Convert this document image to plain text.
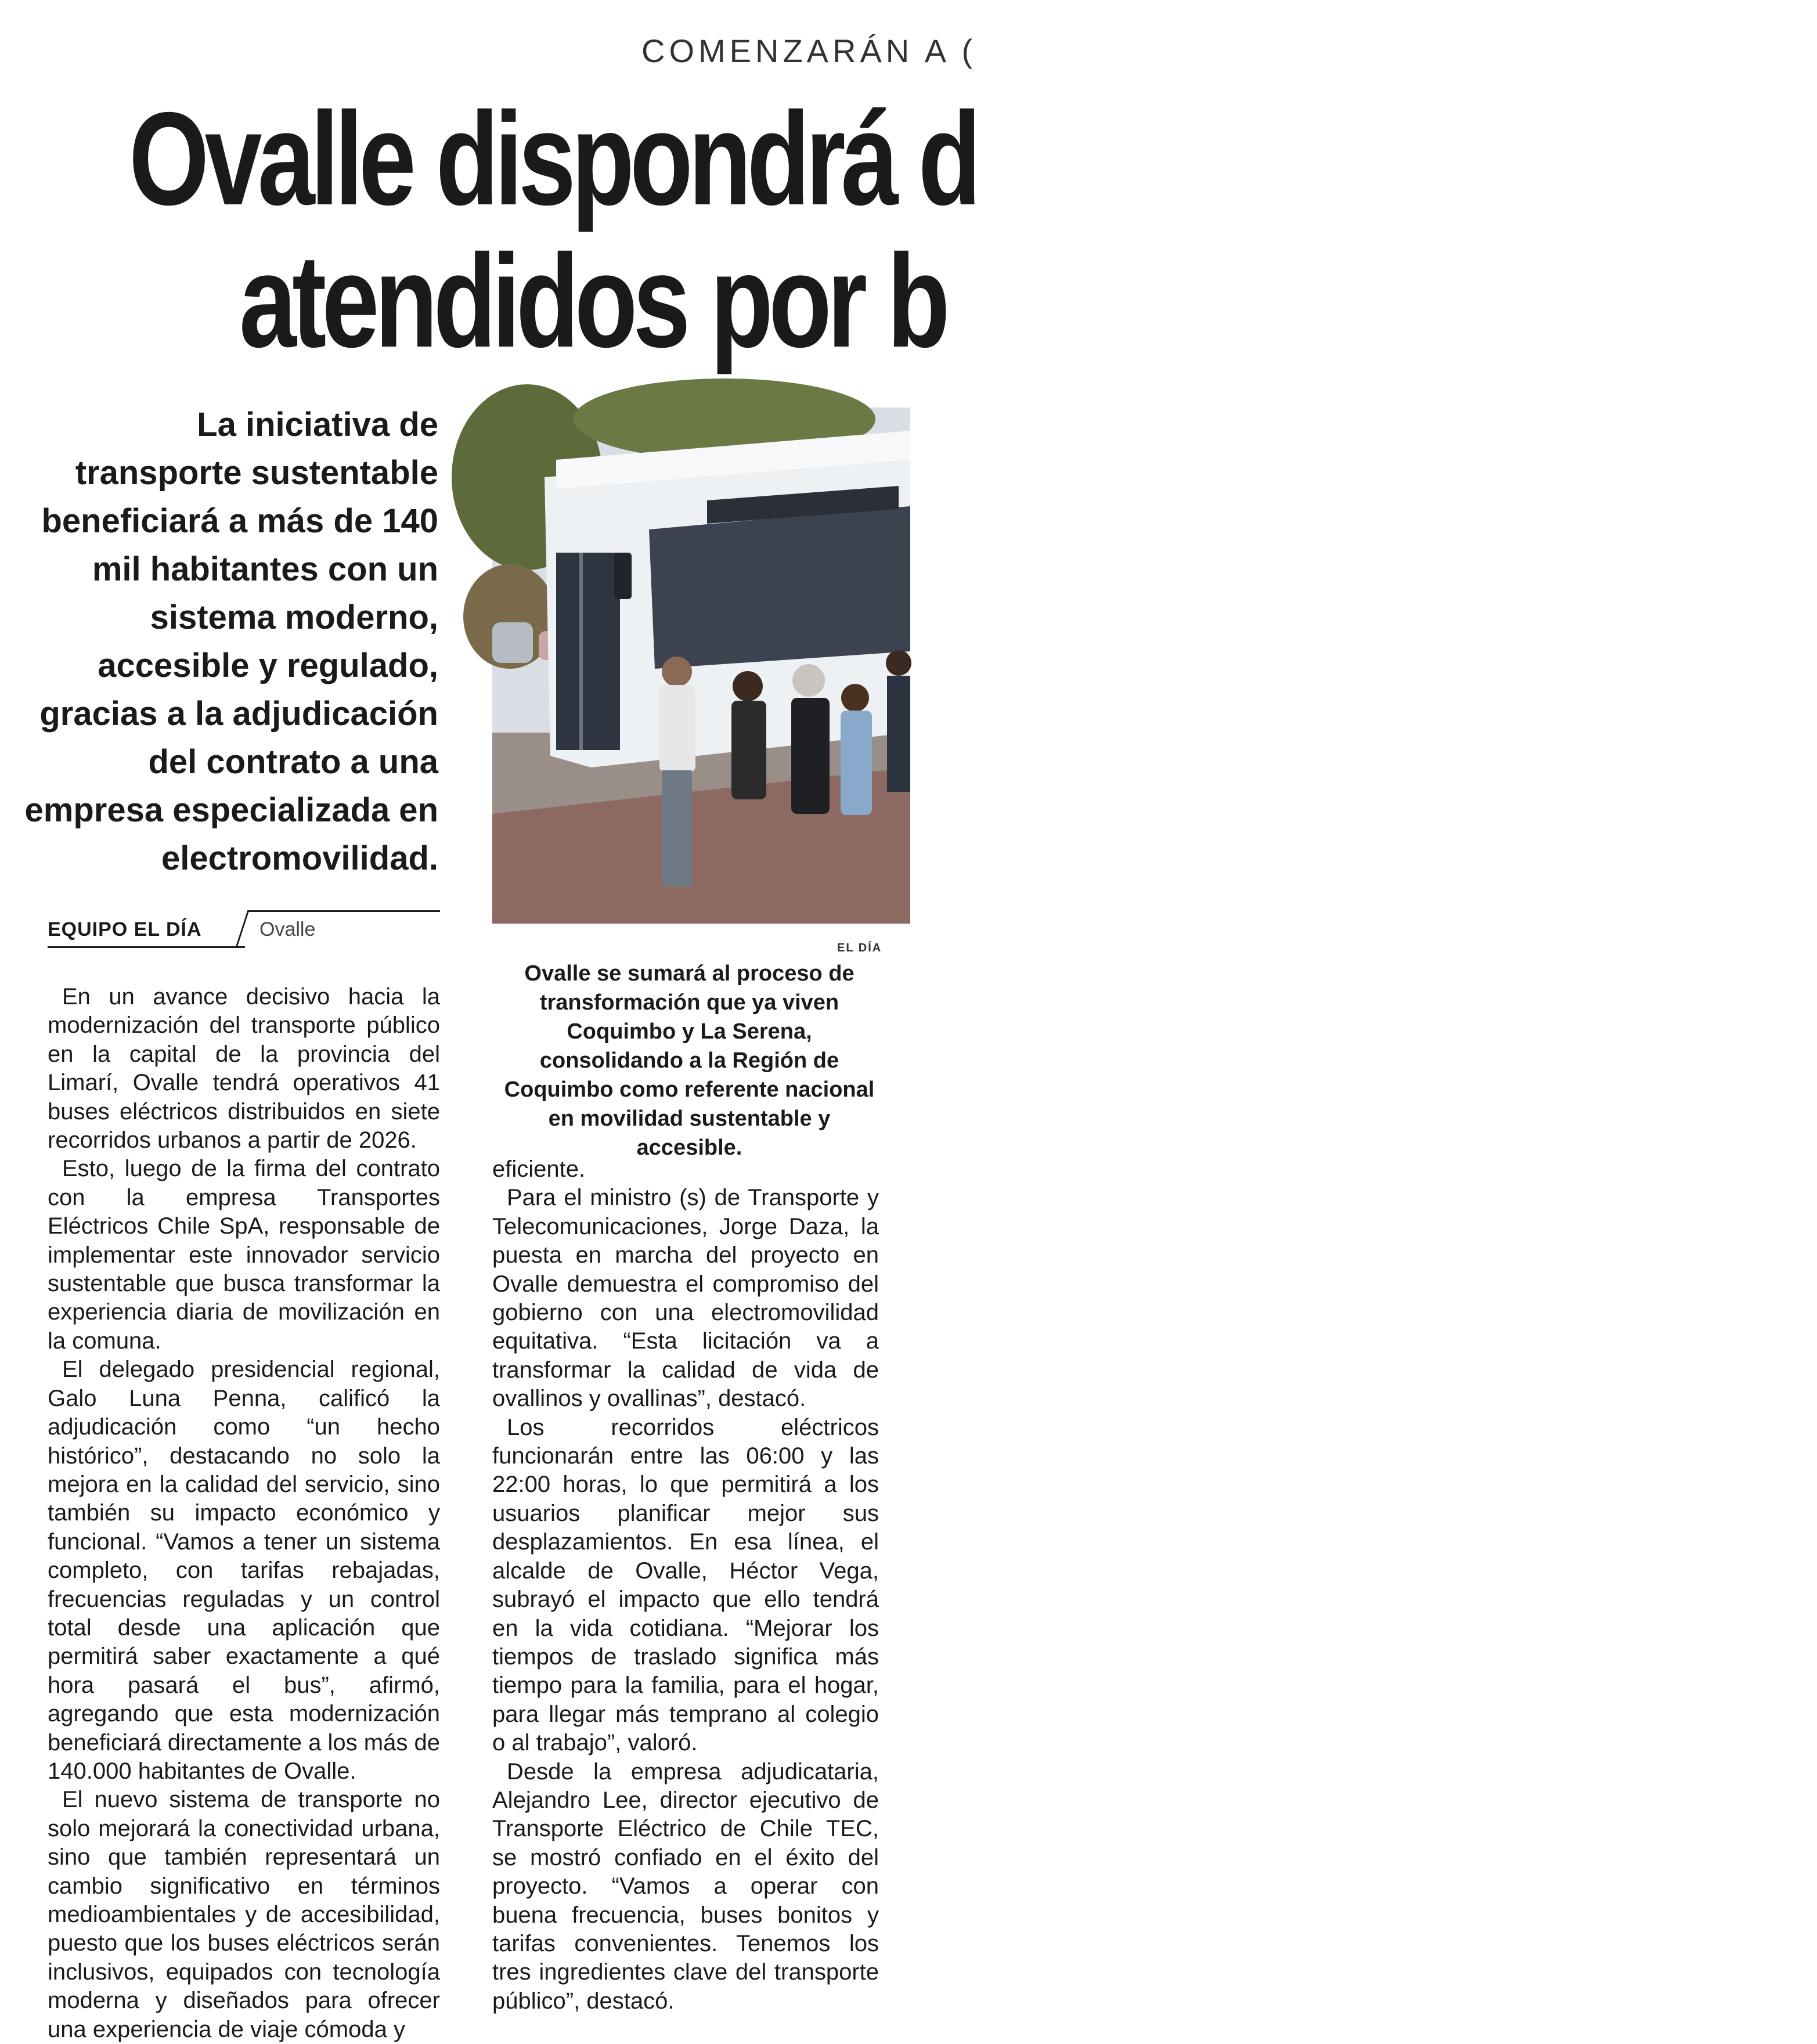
COMENZARÁN A (
Ovalle dispondrá d
atendidos por b
La iniciativa de transporte sustentable beneficiará a más de 140 mil habitantes con un sistema moderno, accesible y regulado, gracias a la adjudicación del contrato a una empresa especializada en electromovilidad.
EL DÍA
Ovalle se sumará al proceso de transformación que ya viven Coquimbo y La Serena, consolidando a la Región de Coquimbo como referente nacional en movilidad sustentable y accesible.
EQUIPO EL DÍA	Ovalle

En un avance decisivo hacia la modernización del transporte público en la capital de la provincia del Limarí, Ovalle tendrá operativos 41 buses eléctricos distribuidos en siete recorridos urbanos a partir de 2026.

Esto, luego de la firma del contrato con la empresa Transportes Eléctricos Chile SpA, responsable de implementar este innovador servicio sustentable que busca transformar la experiencia diaria de movilización en la comuna.

El delegado presidencial regional, Galo Luna Penna, calificó la adjudicación como “un hecho histórico”, destacando no solo la mejora en la calidad del servicio, sino también su impacto económico y funcional. “Vamos a tener un sistema completo, con tarifas rebajadas, frecuencias reguladas y un control total desde una aplicación que permitirá saber exactamente a qué hora pasará el bus”, afirmó, agregando que esta modernización beneficiará directamente a los más de 140.000 habitantes de Ovalle.

El nuevo sistema de transporte no solo mejorará la conectividad urbana, sino que también representará un cambio significativo en términos medioambientales y de accesibilidad, puesto que los buses eléctricos serán inclusivos, equipados con tecnología moderna y diseñados para ofrecer una experiencia de viaje cómoda y

eficiente.

Para el ministro (s) de Transporte y Telecomunicaciones, Jorge Daza, la puesta en marcha del proyecto en Ovalle demuestra el compromiso del gobierno con una electromovilidad equitativa. “Esta licitación va a transformar la calidad de vida de ovallinos y ovallinas”, destacó.

Los recorridos eléctricos funcionarán entre las 06:00 y las 22:00 horas, lo que permitirá a los usuarios planificar mejor sus desplazamientos. En esa línea, el alcalde de Ovalle, Héctor Vega, subrayó el impacto que ello tendrá en la vida cotidiana. “Mejorar los tiempos de traslado significa más tiempo para la familia, para el hogar, para llegar más temprano al colegio o al trabajo”, valoró.

Desde la empresa adjudicataria, Alejandro Lee, director ejecutivo de Transporte Eléctrico de Chile TEC, se mostró confiado en el éxito del proyecto. “Vamos a operar con buena frecuencia, buses bonitos y tarifas convenientes. Tenemos los tres ingredientes clave del transporte público”, destacó.
